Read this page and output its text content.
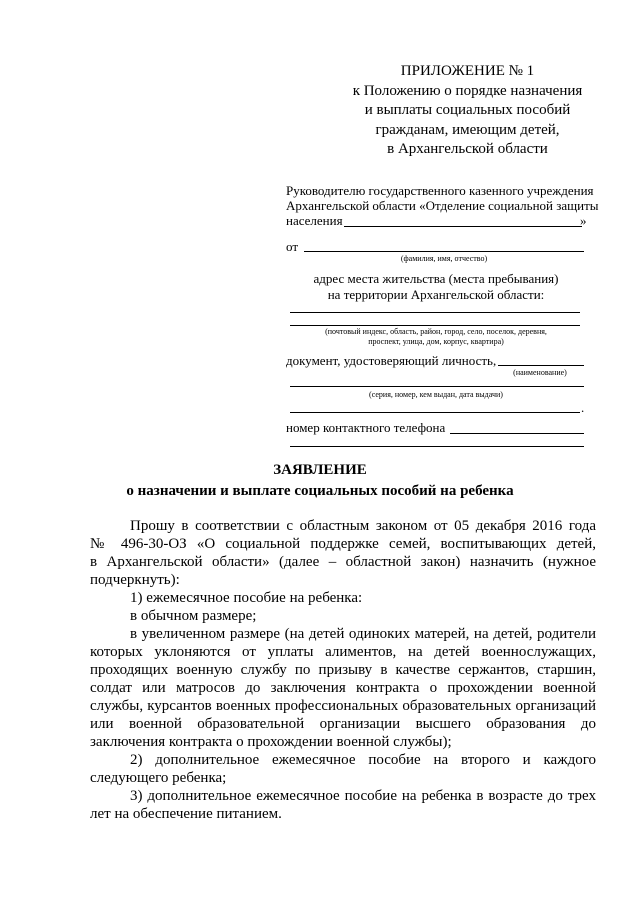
ПРИЛОЖЕНИЕ № 1
к Положению о порядке назначения
и выплаты социальных пособий
гражданам, имеющим детей,
в Архангельской области
Руководителю государственного казенного учреждения
Архангельской области «Отделение социальной защиты
населения	»
от
(фамилия, имя, отчество)
адрес места жительства (места пребывания)
на территории Архангельской области:
(почтовый индекс, область, район, город, село, поселок, деревня,
проспект, улица, дом, корпус, квартира)
документ, удостоверяющий личность,
(наименование)
(серия, номер, кем выдан, дата выдачи)
.
номер контактного телефона
ЗАЯВЛЕНИЕ
о назначении и выплате социальных пособий на ребенка
Прошу в соответствии с областным законом от 05 декабря 2016 года
№ 496-30-ОЗ «О социальной поддержке семей, воспитывающих детей,
в Архангельской области» (далее – областной закон) назначить (нужное
подчеркнуть):
1) ежемесячное пособие на ребенка:
в обычном размере;
в увеличенном размере (на детей одиноких матерей, на детей, родители
которых уклоняются от уплаты алиментов, на детей военнослужащих,
проходящих военную службу по призыву в качестве сержантов, старшин,
солдат или матросов до заключения контракта о прохождении военной
службы, курсантов военных профессиональных образовательных организаций
или военной образовательной организации высшего образования до
заключения контракта о прохождении военной службы);
2) дополнительное ежемесячное пособие на второго и каждого
следующего ребенка;
3) дополнительное ежемесячное пособие на ребенка в возрасте до трех
лет на обеспечение питанием.
